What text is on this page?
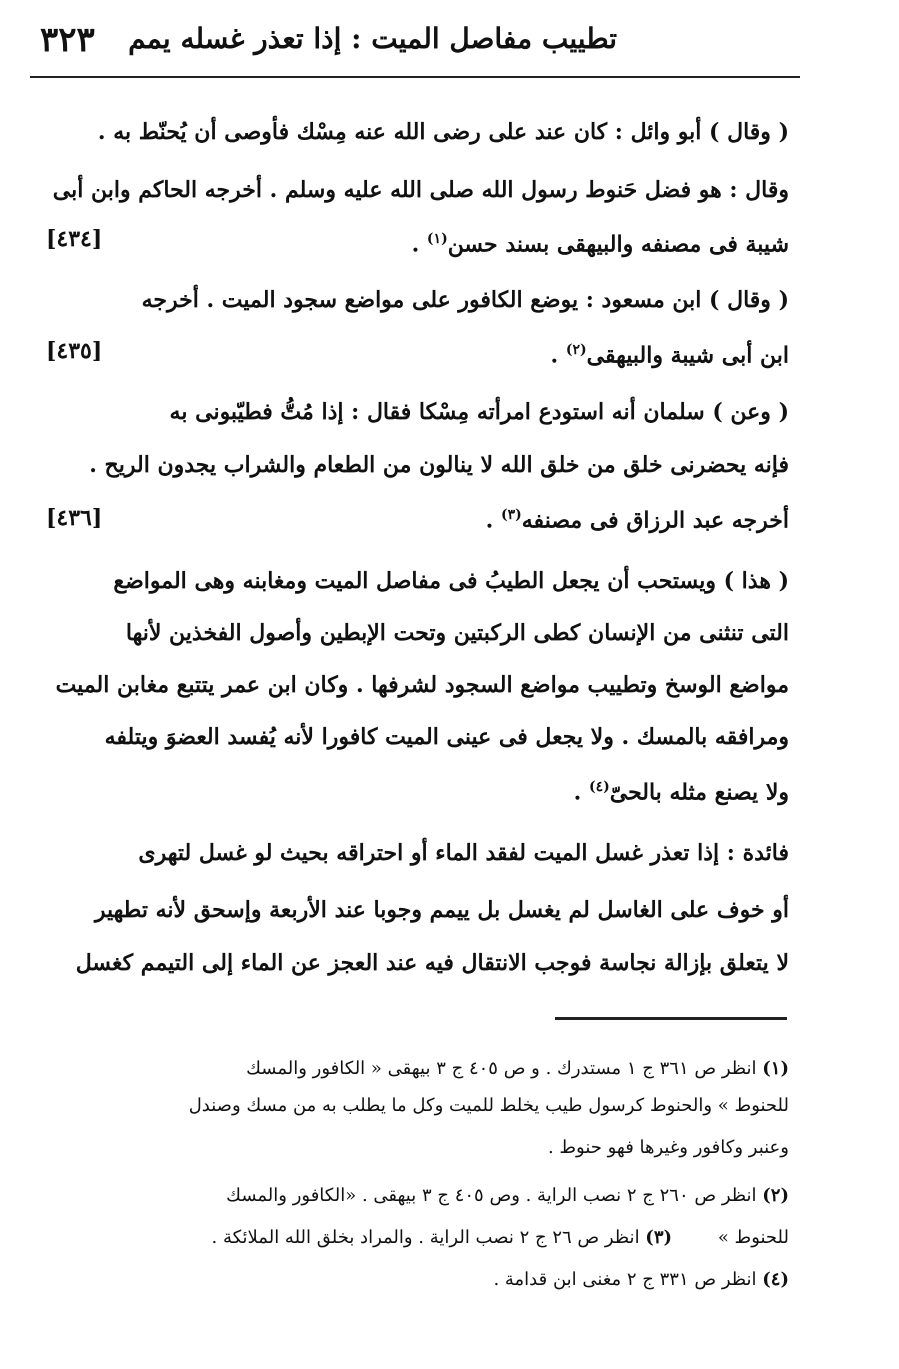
تطييب مفاصل الميت : إذا تعذر غسله يمم
٣٢٣
( وقال ) أبو وائل : كان عند على رضى الله عنه مِسْك فأوصى أن يُحنّط به .
وقال : هو فضل حَنوط رسول الله صلى الله عليه وسلم . أخرجه الحاكم وابن أبى
شيبة فى مصنفه والبيهقى بسند حسن$^{(١)}$ .
[٤٣٤]
( وقال ) ابن مسعود : يوضع الكافور على مواضع سجود الميت . أخرجه
ابن أبى شيبة والبيهقى$^{(٢)}$ .
[٤٣٥]
( وعن ) سلمان أنه استودع امرأته مِسْكا فقال : إذا مُتُّ فطيّبونى به
فإنه يحضرنى خلق من خلق الله لا ينالون من الطعام والشراب يجدون الريح .
أخرجه عبد الرزاق فى مصنفه$^{(٣)}$ .
[٤٣٦]
( هذا ) ويستحب أن يجعل الطيبُ فى مفاصل الميت ومغابنه وهى المواضع
التى تنثنى من الإنسان كطى الركبتين وتحت الإبطين وأصول الفخذين لأنها
مواضع الوسخ وتطييب مواضع السجود لشرفها . وكان ابن عمر يتتبع مغابن الميت
ومرافقه بالمسك . ولا يجعل فى عينى الميت كافورا لأنه يُفسد العضوَ ويتلفه
ولا يصنع مثله بالحىّ$^{(٤)}$ .
فائدة : إذا تعذر غسل الميت لفقد الماء أو احتراقه بحيث لو غسل لتهرى
أو خوف على الغاسل لم يغسل بل ييمم وجوبا عند الأربعة وإسحق لأنه تطهير
لا يتعلق بإزالة نجاسة فوجب الانتقال فيه عند العجز عن الماء إلى التيمم كغسل
(١) انظر ص ٣٦١ ج ١ مستدرك . و ص ٤٠٥ ج ٣ بيهقى « الكافور والمسك
للحنوط » والحنوط كرسول طيب يخلط للميت وكل ما يطلب به من مسك وصندل
وعنبر وكافور وغيرها فهو حنوط .
(٢) انظر ص ٢٦٠ ج ٢ نصب الراية . وص ٤٠٥ ج ٣ بيهقى . «الكافور والمسك
للحنوط »        (٣) انظر ص ٢٦ ج ٢ نصب الراية . والمراد بخلق الله الملائكة .
(٤) انظر ص ٣٣١ ج ٢ مغنى ابن قدامة .
